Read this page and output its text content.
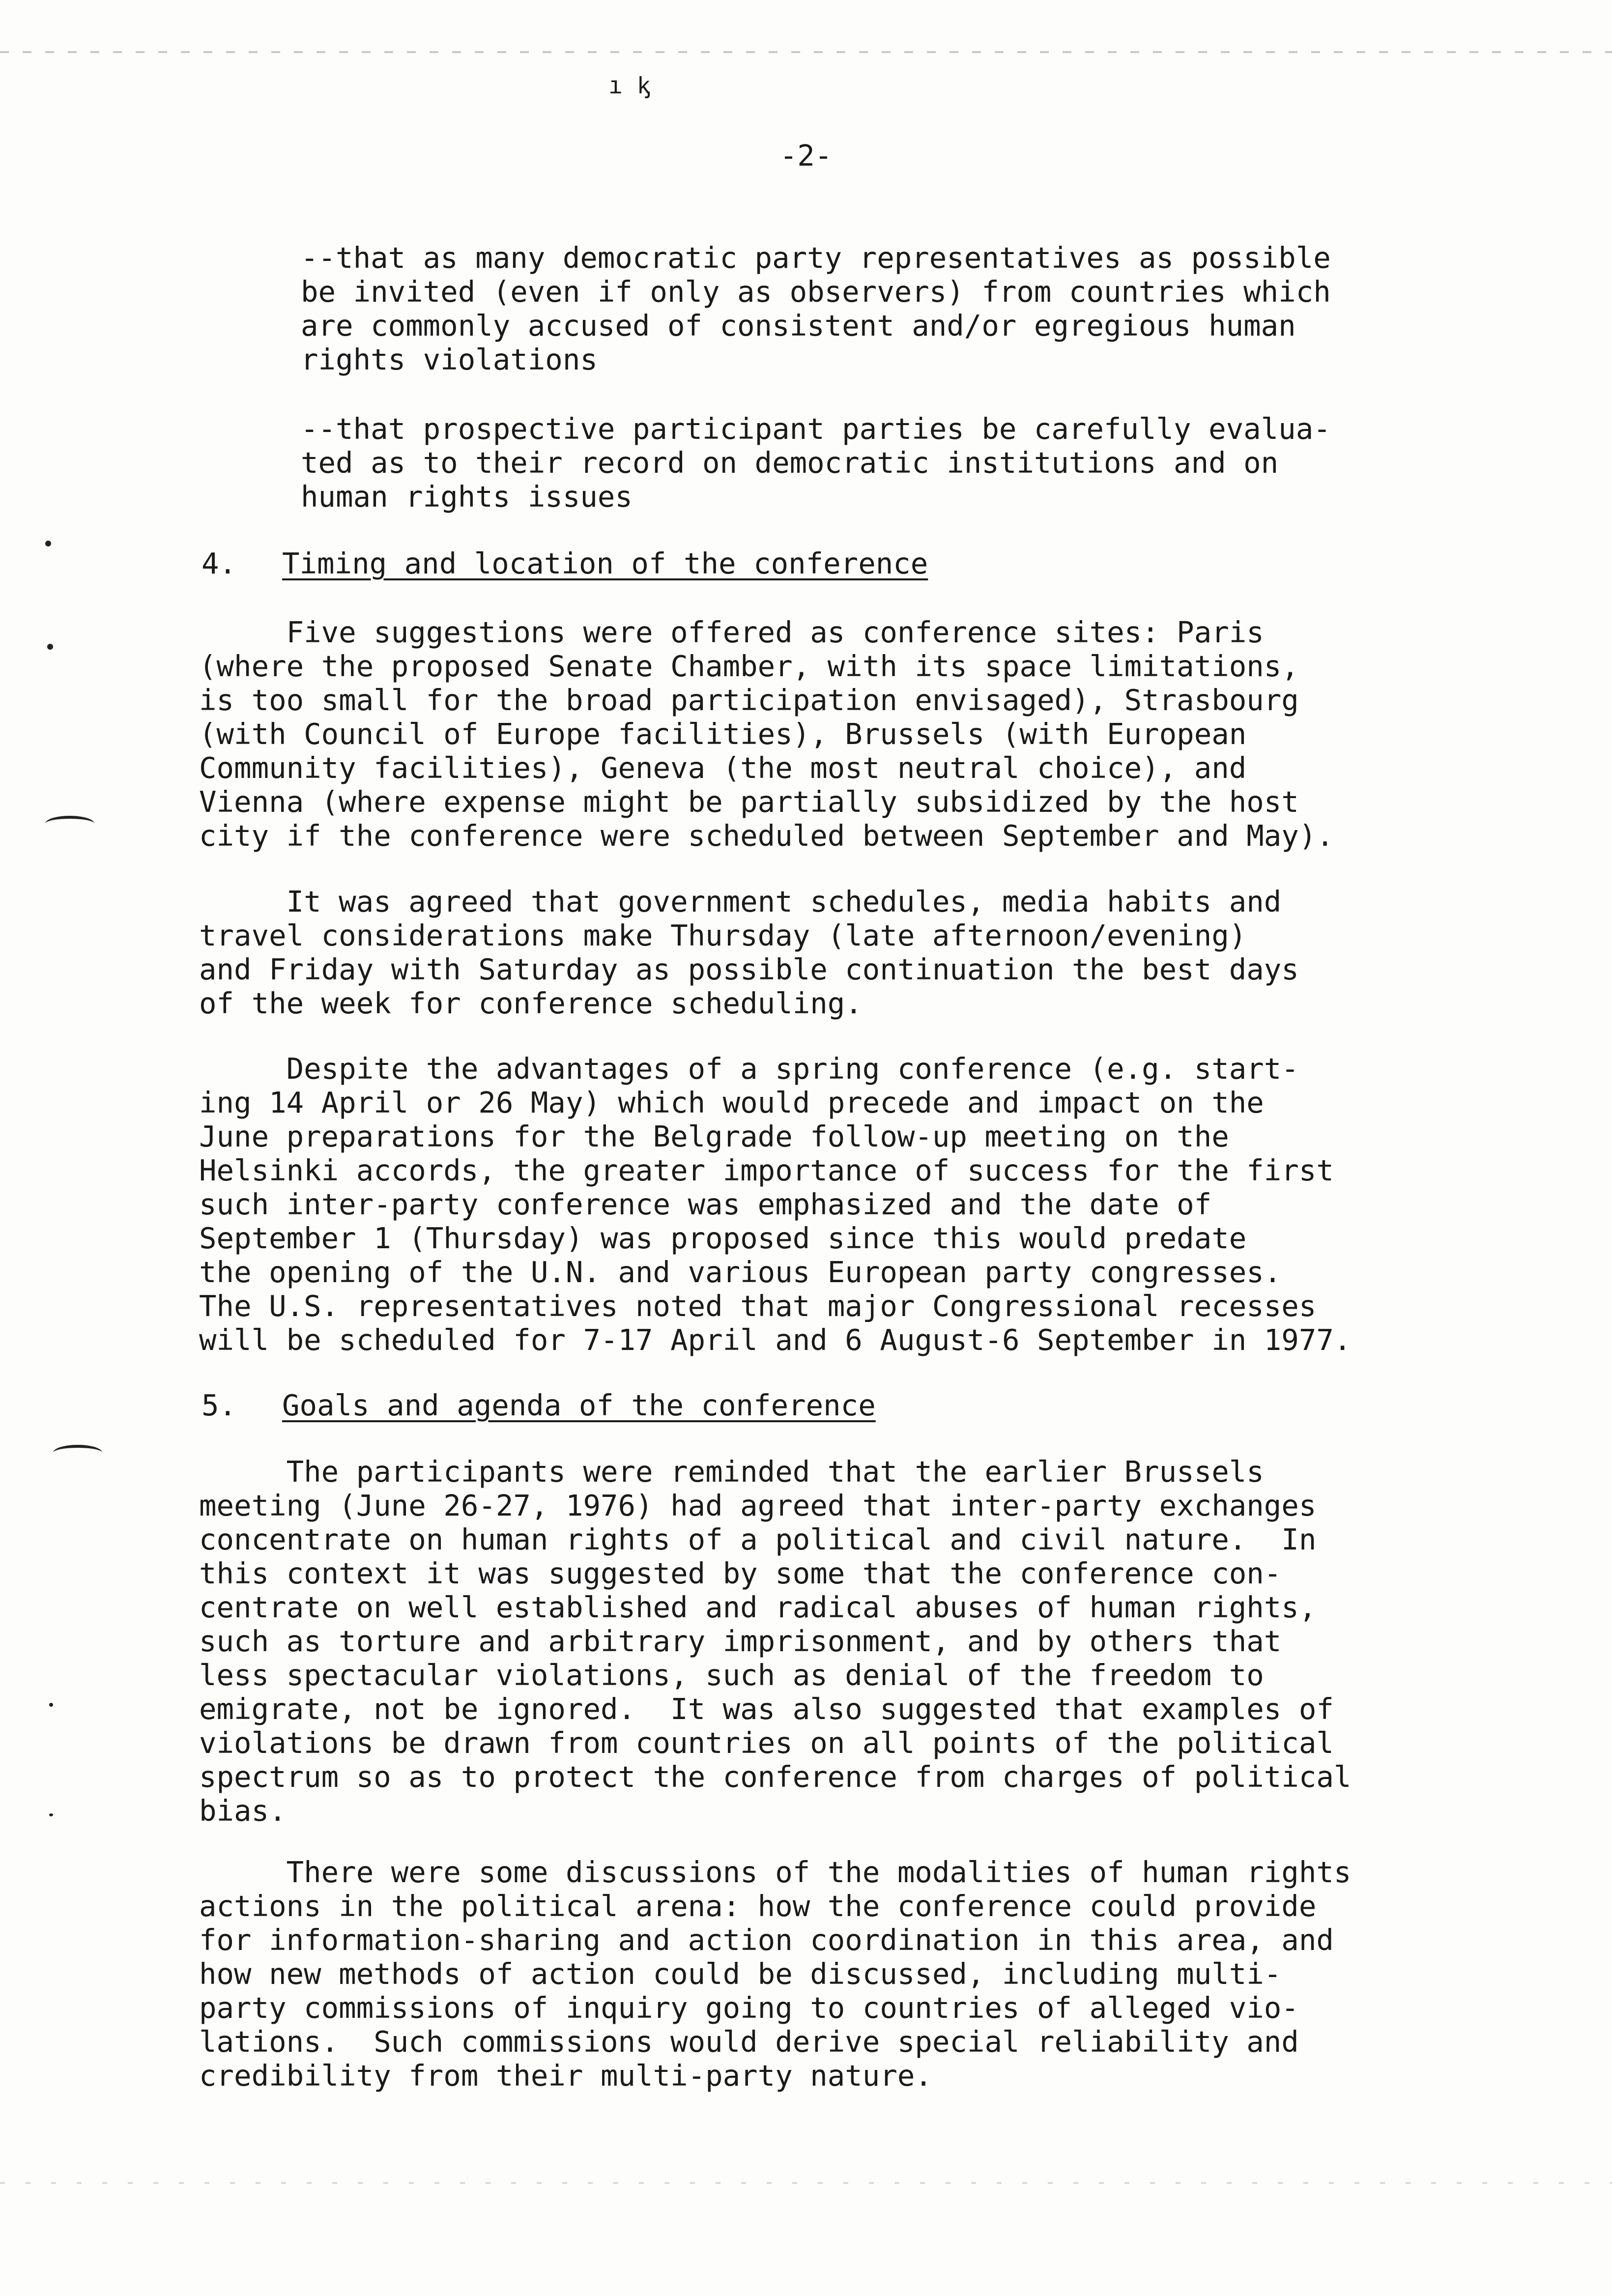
ı ᶄ

-2-

--that as many democratic party representatives as possible
be invited (even if only as observers) from countries which
are commonly accused of consistent and/or egregious human
rights violations

--that prospective participant parties be carefully evalua-
ted as to their record on democratic institutions and on
human rights issues

4. Timing and location of the conference

Five suggestions were offered as conference sites: Paris
(where the proposed Senate Chamber, with its space limitations,
is too small for the broad participation envisaged), Strasbourg
(with Council of Europe facilities), Brussels (with European
Community facilities), Geneva (the most neutral choice), and
Vienna (where expense might be partially subsidized by the host
city if the conference were scheduled between September and May).

It was agreed that government schedules, media habits and
travel considerations make Thursday (late afternoon/evening)
and Friday with Saturday as possible continuation the best days
of the week for conference scheduling.

Despite the advantages of a spring conference (e.g. start-
ing 14 April or 26 May) which would precede and impact on the
June preparations for the Belgrade follow-up meeting on the
Helsinki accords, the greater importance of success for the first
such inter-party conference was emphasized and the date of
September 1 (Thursday) was proposed since this would predate
the opening of the U.N. and various European party congresses.
The U.S. representatives noted that major Congressional recesses
will be scheduled for 7-17 April and 6 August-6 September in 1977.

5. Goals and agenda of the conference

The participants were reminded that the earlier Brussels
meeting (June 26-27, 1976) had agreed that inter-party exchanges
concentrate on human rights of a political and civil nature.  In
this context it was suggested by some that the conference con-
centrate on well established and radical abuses of human rights,
such as torture and arbitrary imprisonment, and by others that
less spectacular violations, such as denial of the freedom to
emigrate, not be ignored.  It was also suggested that examples of
violations be drawn from countries on all points of the political
spectrum so as to protect the conference from charges of political
bias.

There were some discussions of the modalities of human rights
actions in the political arena: how the conference could provide
for information-sharing and action coordination in this area, and
how new methods of action could be discussed, including multi-
party commissions of inquiry going to countries of alleged vio-
lations.  Such commissions would derive special reliability and
credibility from their multi-party nature.
